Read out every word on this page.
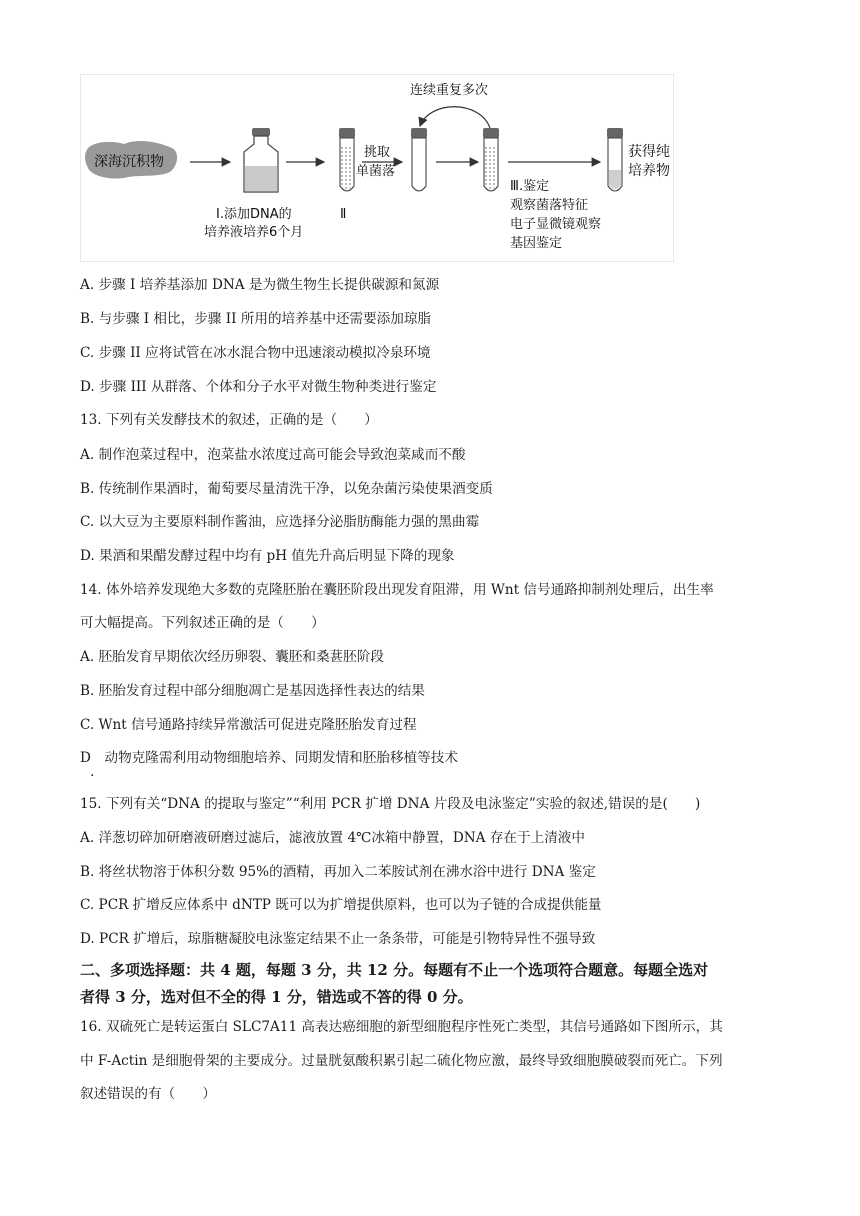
深海沉积物
Ⅰ.添加DNA的
培养液培养6个月
Ⅱ
挑取
单菌落
连续重复多次
Ⅲ.鉴定
观察菌落特征
电子显微镜观察
基因鉴定
获得纯
培养物
A. 步骤 I 培养基添加 DNA 是为微生物生长提供碳源和氮源
B. 与步骤 I 相比，步骤 II 所用的培养基中还需要添加琼脂
C. 步骤 II 应将试管在冰水混合物中迅速滚动模拟冷泉环境
D. 步骤 III 从群落、个体和分子水平对微生物种类进行鉴定
13. 下列有关发酵技术的叙述，正确的是（　　）
A. 制作泡菜过程中，泡菜盐水浓度过高可能会导致泡菜咸而不酸
B. 传统制作果酒时，葡萄要尽量清洗干净，以免杂菌污染使果酒变质
C. 以大豆为主要原料制作酱油，应选择分泌脂肪酶能力强的黑曲霉
D. 果酒和果醋发酵过程中均有 pH 值先升高后明显下降的现象
14. 体外培养发现绝大多数的克隆胚胎在囊胚阶段出现发育阻滞，用 Wnt 信号通路抑制剂处理后，出生率
可大幅提高。下列叙述正确的是（　　）
A. 胚胎发育早期依次经历卵裂、囊胚和桑葚胚阶段
B. 胚胎发育过程中部分细胞凋亡是基因选择性表达的结果
C. Wnt 信号通路持续异常激活可促进克隆胚胎发育过程
D　动物克隆需利用动物细胞培养、同期发情和胚胎移植等技术
.
15. 下列有关“DNA 的提取与鉴定”“利用 PCR 扩增 DNA 片段及电泳鉴定”实验的叙述,错误的是(　　)
A. 洋葱切碎加研磨液研磨过滤后，滤液放置 4℃冰箱中静置，DNA 存在于上清液中
B. 将丝状物溶于体积分数 95%的酒精，再加入二苯胺试剂在沸水浴中进行 DNA 鉴定
C. PCR 扩增反应体系中 dNTP 既可以为扩增提供原料，也可以为子链的合成提供能量
D. PCR 扩增后，琼脂糖凝胶电泳鉴定结果不止一条条带，可能是引物特异性不强导致
二、多项选择题：共 4 题，每题 3 分，共 12 分。每题有不止一个选项符合题意。每题全选对
者得 3 分，选对但不全的得 1 分，错选或不答的得 0 分。
16. 双硫死亡是转运蛋白 SLC7A11 高表达癌细胞的新型细胞程序性死亡类型，其信号通路如下图所示，其
中 F-Actin 是细胞骨架的主要成分。过量胱氨酸积累引起二硫化物应激，最终导致细胞膜破裂而死亡。下列
叙述错误的有（　　）
